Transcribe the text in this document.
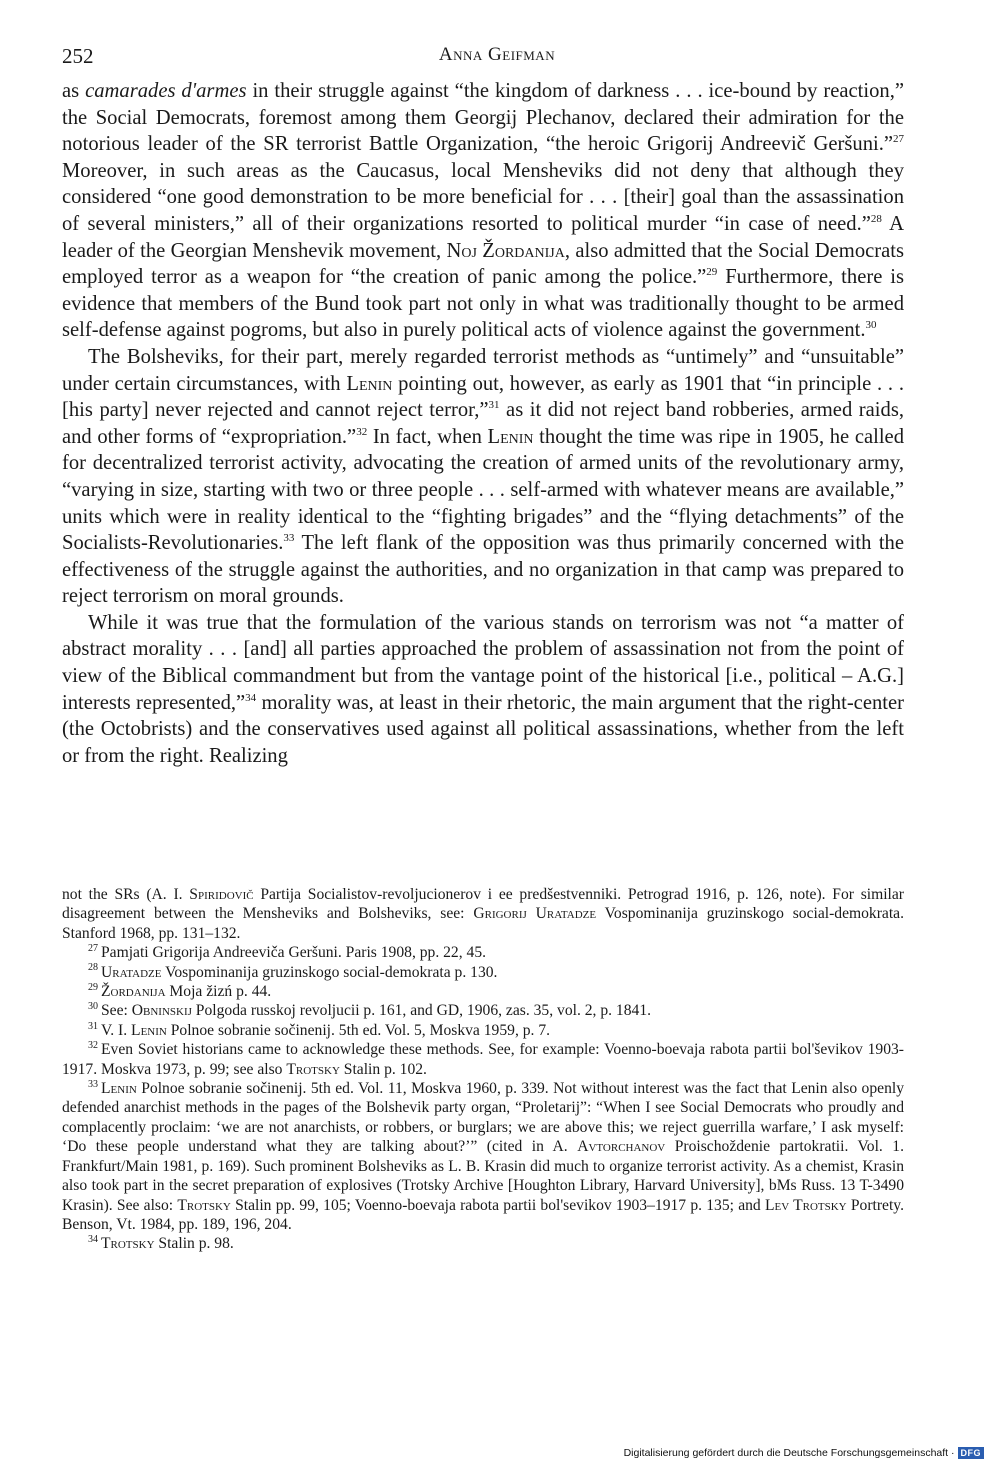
252	Anna Geifman

as camarades d'armes in their struggle against “the kingdom of darkness . . . ice-bound by reaction,” the Social Democrats, foremost among them Georgij Plechanov, declared their admiration for the notorious leader of the SR terrorist Battle Organization, “the heroic Grigorij Andreevič Geršuni.”$^{27}$ Moreover, in such areas as the Caucasus, local Mensheviks did not deny that although they considered “one good demonstration to be more beneficial for . . . [their] goal than the assassination of several ministers,” all of their organizations resorted to political murder “in case of need.”$^{28}$ A leader of the Georgian Menshevik movement, Noj Žordanija, also admitted that the Social Democrats employed terror as a weapon for “the creation of panic among the police.”$^{29}$ Furthermore, there is evidence that members of the Bund took part not only in what was traditionally thought to be armed self-defense against pogroms, but also in purely political acts of violence against the government.$^{30}$

The Bolsheviks, for their part, merely regarded terrorist methods as “untimely” and “unsuitable” under certain circumstances, with Lenin pointing out, however, as early as 1901 that “in principle . . . [his party] never rejected and cannot reject terror,”$^{31}$ as it did not reject band robberies, armed raids, and other forms of “expropriation.”$^{32}$ In fact, when Lenin thought the time was ripe in 1905, he called for decentralized terrorist activity, advocating the creation of armed units of the revolutionary army, “varying in size, starting with two or three people . . . self-armed with whatever means are available,” units which were in reality identical to the “fighting brigades” and the “flying detachments” of the Socialists-Revolutionaries.$^{33}$ The left flank of the opposition was thus primarily concerned with the effectiveness of the struggle against the authorities, and no organization in that camp was prepared to reject terrorism on moral grounds.

While it was true that the formulation of the various stands on terrorism was not “a matter of abstract morality . . . [and] all parties approached the problem of assassination not from the point of view of the Biblical commandment but from the vantage point of the historical [i.e., political – A.G.] interests represented,”$^{34}$ morality was, at least in their rhetoric, the main argument that the right-center (the Octobrists) and the conservatives used against all political assassinations, whether from the left or from the right. Realizing

not the SRs (A. I. Spiridovič Partija Socialistov-revoljucionerov i ee predšestvenniki. Petrograd 1916, p. 126, note). For similar disagreement between the Mensheviks and Bolsheviks, see: Grigorij Uratadze Vospominanija gruzinskogo social-demokrata. Stanford 1968, pp. 131–132.

$^{27}$ Pamjati Grigorija Andreeviča Geršuni. Paris 1908, pp. 22, 45.

$^{28}$ Uratadze Vospominanija gruzinskogo social-demokrata p. 130.

$^{29}$ Žordanija Moja žizń p. 44.

$^{30}$ See: Obninskij Polgoda russkoj revoljucii p. 161, and GD, 1906, zas. 35, vol. 2, p. 1841.

$^{31}$ V. I. Lenin Polnoe sobranie sočinenij. 5th ed. Vol. 5, Moskva 1959, p. 7.

$^{32}$ Even Soviet historians came to acknowledge these methods. See, for example: Voenno-boevaja rabota partii bol'ševikov 1903-1917. Moskva 1973, p. 99; see also Trotsky Stalin p. 102.

$^{33}$ Lenin Polnoe sobranie sočinenij. 5th ed. Vol. 11, Moskva 1960, p. 339. Not without interest was the fact that Lenin also openly defended anarchist methods in the pages of the Bolshevik party organ, “Proletarij”: “When I see Social Democrats who proudly and complacently proclaim: ‘we are not anarchists, or robbers, or burglars; we are above this; we reject guerrilla warfare,’ I ask myself: ‘Do these people understand what they are talking about?’” (cited in A. Avtorchanov Proischoždenie partokratii. Vol. 1. Frankfurt/Main 1981, p. 169). Such prominent Bolsheviks as L. B. Krasin did much to organize terrorist activity. As a chemist, Krasin also took part in the secret preparation of explosives (Trotsky Archive [Houghton Library, Harvard University], bMs Russ. 13 T-3490 Krasin). See also: Trotsky Stalin pp. 99, 105; Voenno-boevaja rabota partii bol'sevikov 1903–1917 p. 135; and Lev Trotsky Portrety. Benson, Vt. 1984, pp. 189, 196, 204.

$^{34}$ Trotsky Stalin p. 98.

Digitalisierung gefördert durch die Deutsche Forschungsgemeinschaft · DFG
